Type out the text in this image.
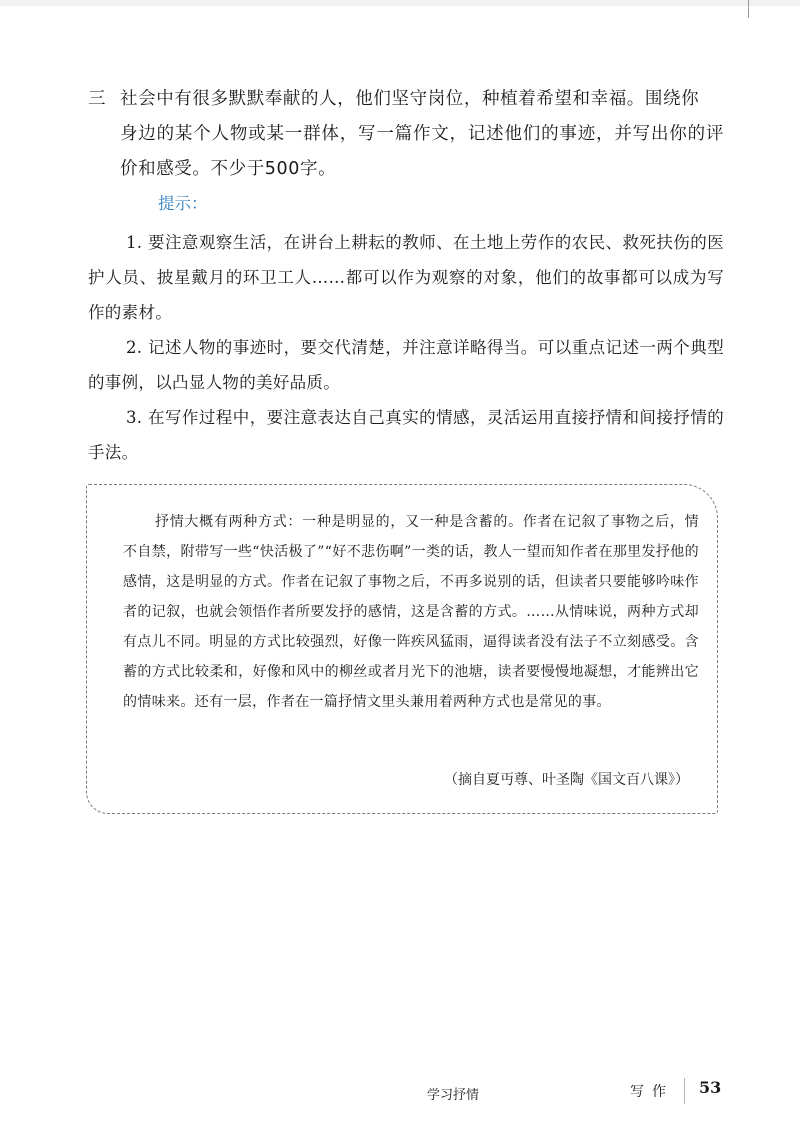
三 社会中有很多默默奉献的人，他们坚守岗位，种植着希望和幸福。围绕你
身边的某个人物或某一群体，写一篇作文，记述他们的事迹，并写出你的评价和感受。不少于500字。

提示：

1. 要注意观察生活，在讲台上耕耘的教师、在土地上劳作的农民、救死扶伤的医护人员、披星戴月的环卫工人……都可以作为观察的对象，他们的故事都可以成为写作的素材。

2. 记述人物的事迹时，要交代清楚，并注意详略得当。可以重点记述一两个典型的事例，以凸显人物的美好品质。

3. 在写作过程中，要注意表达自己真实的情感，灵活运用直接抒情和间接抒情的手法。

抒情大概有两种方式：一种是明显的，又一种是含蓄的。作者在记叙了事物之后，情不自禁，附带写一些“快活极了”“好不悲伤啊”一类的话，教人一望而知作者在那里发抒他的感情，这是明显的方式。作者在记叙了事物之后，不再多说别的话，但读者只要能够吟味作者的记叙，也就会领悟作者所要发抒的感情，这是含蓄的方式。……从情味说，两种方式却有点儿不同。明显的方式比较强烈，好像一阵疾风猛雨，逼得读者没有法子不立刻感受。含蓄的方式比较柔和，好像和风中的柳丝或者月光下的池塘，读者要慢慢地凝想，才能辨出它的情味来。还有一层，作者在一篇抒情文里头兼用着两种方式也是常见的事。

（摘自夏丏尊、叶圣陶《国文百八课》）
学习抒情	写作 53
